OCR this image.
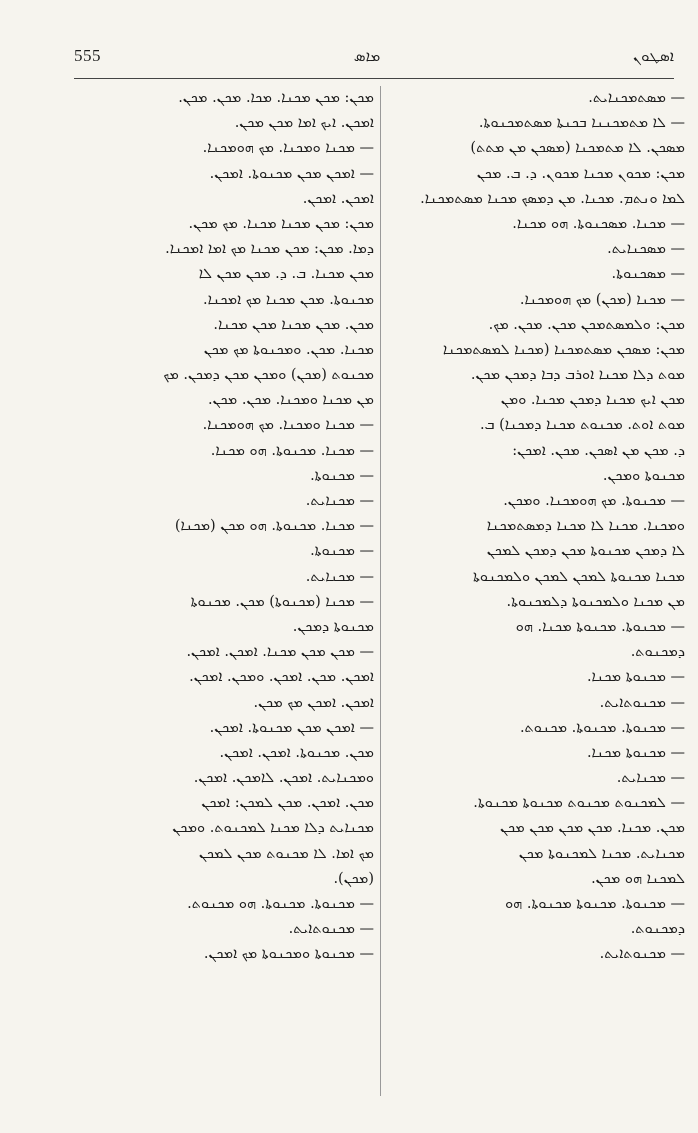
555	ܡܐܣ	ܐܣܛܘܢ
— ܡܣܬܡܟܢܐܝܬ.
— ܠܐ ܡܬܡܟܢܢܐ ܒܟܢܬܐ ܡܣܬܡܟܢܘܬܐ.
ܡܣܟܢ. ܠܐ ܡܬܡܟܢܐ (ܡܣܟܢ ܡܢ ܡܬܬ)
ܡܟܢ: ܡܟܘܢ ܡܟܢܐ ܡܟܘܢ. ܕ. ܒ. ܡܟܢ
ܠܡܐ ܘܢܬܡ. ܡܟܢܐ. ܡܢ ܕܡܣܟ ܡܟܢܐ ܡܣܬܡܟܢܐ.
— ܡܟܢܐ. ܡܣܟܢܘܬܐ. ܗܘ ܡܟܢܐ.
— ܡܣܟܢܐܝܬ.
— ܡܣܟܢܘܬܐ.
— ܡܟܢܐ (ܡܟܢ) ܡܟ ܗܘܡܟܢܐ.
ܡܟܢ: ܘܠܡܣܬܡܟܢ ܡܟܢ. ܡܟܢ. ܡܟ.
ܡܟܢ: ܡܣܟܢ ܡܣܬܡܟܢܐ (ܡܟܢܐ ܠܡܣܬܡܟܢܐ
ܡܘܬ ܕܠܐ ܡܟܢܐ ܐܘܪܒ ܕܒܐ ܕܡܟܢ ܡܟܢ.
ܡܟܢ ܐܝܟ ܡܟܢܐ ܕܡܟܢ ܡܟܢܐ. ܘܡܢ
ܡܘܬ ܐܘܬ. ܡܟܢܘܬ ܡܟܢܐ ܕܡܟܢܐ) ܒ.
ܕ. ܡܟܢ ܡܢ ܐܣܟܢ. ܡܟܢ. ܐܡܟܢ:
ܡܟܢܘܬܐ ܘܡܟܢ.
— ܡܟܢܘܬܐ. ܡܟ ܗܘܡܟܢܐ. ܘܡܟܢ.
ܘܡܟܢܐ. ܡܟܢܐ ܠܐ ܡܟܢܐ ܕܡܣܬܡܟܢܐ
ܠܐ ܕܡܟܢ ܡܟܢܘܬܐ ܡܟܢ ܕܡܟܢ ܠܡܟܢ
ܡܟܢܐ ܡܟܢܘܬܐ ܠܡܟܢ ܠܡܟܢ ܘܠܡܟܢܘܬܐ
ܡܢ ܡܟܢܐ ܘܠܡܟܢܘܬܐ ܕܠܡܟܢܘܬܐ.
— ܡܟܢܘܬܐ. ܡܟܢܘܬܐ ܡܟܢܐ. ܗܘ
ܕܡܟܢܘܬ.
— ܡܟܢܘܬܐ ܡܟܢܐ.
— ܡܟܢܘܬܐܝܬ.
— ܡܟܢܘܬܐ. ܡܟܢܘܬܐ. ܡܟܢܘܬ.
— ܡܟܢܘܬܐ ܡܟܢܐ.
— ܡܟܢܐܝܬ.
— ܠܡܟܢܘܬ ܡܟܢܘܬ ܡܟܢܘܬܐ ܡܟܢܘܬܐ.
ܡܟܢ. ܡܟܢܐ. ܡܟܢ ܡܟܢ ܡܟܢ ܡܟܢ
ܡܟܢܐܝܬ. ܡܟܢܐ ܠܡܟܢܘܬܐ ܡܟܢ
ܠܡܟܢܐ ܗܘ ܡܟܢ.
— ܡܟܢܘܬܐ. ܡܟܢܘܬܐ ܡܟܢܘܬܐ. ܗܘ
ܕܡܟܢܘܬ.
— ܡܟܢܘܬܐܝܬ.
ܡܟܢ: ܡܟܢ ܡܟܢܐ. ܡܟܐ. ܡܟܢ. ܡܟܢ.
ܐܡܟܢ. ܐܝܟ ܐܡܐ ܡܟܢ ܡܟܢ.
— ܡܟܢܐ ܘܡܟܢܐ. ܡܟ ܗܘܡܟܢܐ.
— ܐܡܟܢ ܡܟܢ ܡܟܢܘܬܐ. ܐܡܟܢ.
ܐܡܟܢ. ܐܡܟܢ.
ܡܟܢ: ܡܟܢ ܡܟܢܐ ܡܟܢܐ. ܡܟ ܡܟܢ.
ܕܡܐ. ܡܟܢ: ܡܟܢ ܡܟܢܐ ܡܟ ܐܡܐ ܐܡܟܢܐ.
ܡܟܢ ܡܟܢܐ. ܒ. ܕ. ܡܟܢ ܡܟܢ ܠܐ
ܡܟܢܘܬܐ. ܡܟܢ ܡܟܢܐ ܡܟ ܐܡܟܢܐ.
ܡܟܢ. ܡܟܢ ܡܟܢܐ ܡܟܢ ܡܟܢܐ.
ܡܟܢܐ. ܡܟܢ. ܘܡܟܢܘܬܐ ܡܟ ܡܟܢ
ܡܟܢܘܬ (ܡܟܢ) ܘܡܟܢ ܡܟܢ ܕܡܟܢ. ܡܟ
ܡܢ ܡܟܢܐ ܘܡܟܢܐ. ܡܟܢ. ܡܟܢ.
— ܡܟܢܐ ܘܡܟܢܐ. ܡܟ ܗܘܡܟܢܐ.
— ܡܟܢܐ. ܡܟܢܘܬܐ. ܗܘ ܡܟܢܐ.
— ܡܟܢܘܬܐ.
— ܡܟܢܐܝܬ.
— ܡܟܢܐ. ܡܟܢܘܬܐ. ܗܘ ܡܟܢ (ܡܟܢܐ)
— ܡܟܢܘܬܐ.
— ܡܟܢܐܝܬ.
— ܡܟܢܐ (ܡܟܢܘܬܐ) ܡܟܢ. ܡܟܢܘܬܐ
ܡܟܢܘܬܐ ܕܡܟܢ.
— ܡܟܢ ܡܟܢ ܡܟܢܐ. ܐܡܟܢ. ܐܡܟܢ.
ܐܡܟܢ. ܡܟܢ. ܐܡܟܢ. ܘܡܟܢ. ܐܡܟܢ.
ܐܡܟܢ. ܐܡܟܢ ܡܟ ܡܟܢ.
— ܐܡܟܢ ܡܟܢ ܡܟܢܘܬܐ. ܐܡܟܢ.
ܡܟܢ. ܡܟܢܘܬܐ. ܐܡܟܢ. ܐܡܟܢ.
ܘܡܟܢܐܝܬ. ܐܡܟܢ. ܠܐܡܟܢ. ܐܡܟܢ.
ܡܟܢ. ܐܡܟܢ. ܡܟܢ ܠܡܟܢ: ܐܡܟܢ
ܡܟܢܐܝܬ ܕܠܐ ܡܟܢܐ ܠܡܟܢܘܬ. ܘܡܟܢ
ܡܟ ܐܡܐ. ܠܐ ܡܟܢܘܬ ܡܟܢ ܠܡܟܢ
(ܡܟܢ).
— ܡܟܢܘܬܐ. ܡܟܢܘܬܐ. ܗܘ ܡܟܢܘܬ.
— ܡܟܢܘܬܐܝܬ.
— ܡܟܢܘܬܐ ܘܡܟܢܘܬܐ ܡܟ ܐܡܟܢ.
